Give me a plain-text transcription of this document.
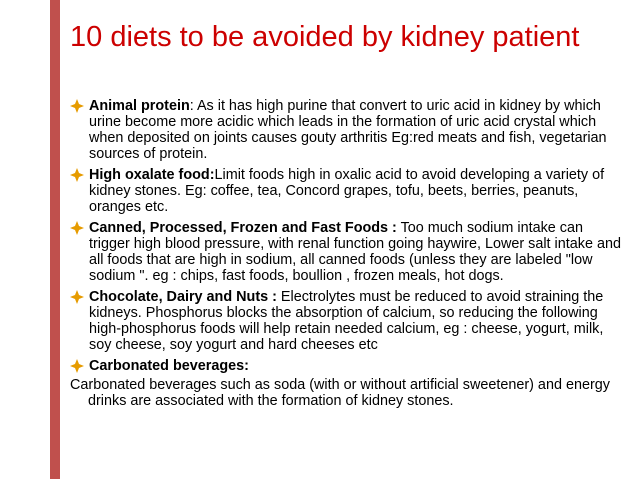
10 diets to be avoided by kidney patient
Animal protein: As it has high purine that convert to uric acid in kidney by which urine become more acidic which leads in the formation of uric acid crystal which when deposited on joints causes gouty arthritis Eg:red meats and fish, vegetarian sources of protein.
High oxalate food:Limit foods high in oxalic acid to avoid developing a variety of kidney stones. Eg: coffee, tea, Concord grapes, tofu, beets, berries, peanuts, oranges etc.
Canned, Processed, Frozen and Fast Foods : Too much sodium intake can trigger high blood pressure, with renal function going haywire, Lower salt intake and all foods that are high in sodium, all canned foods (unless they are labeled "low sodium ". eg : chips, fast foods, boullion , frozen meals, hot dogs.
Chocolate, Dairy and Nuts : Electrolytes must be reduced to avoid straining the kidneys. Phosphorus blocks the absorption of calcium, so reducing the following high-phosphorus foods will help retain needed calcium, eg : cheese, yogurt, milk, soy cheese, soy yogurt and hard cheeses etc
Carbonated beverages:
Carbonated beverages such as soda (with or without artificial sweetener) and energy drinks are associated with the formation of kidney stones.
